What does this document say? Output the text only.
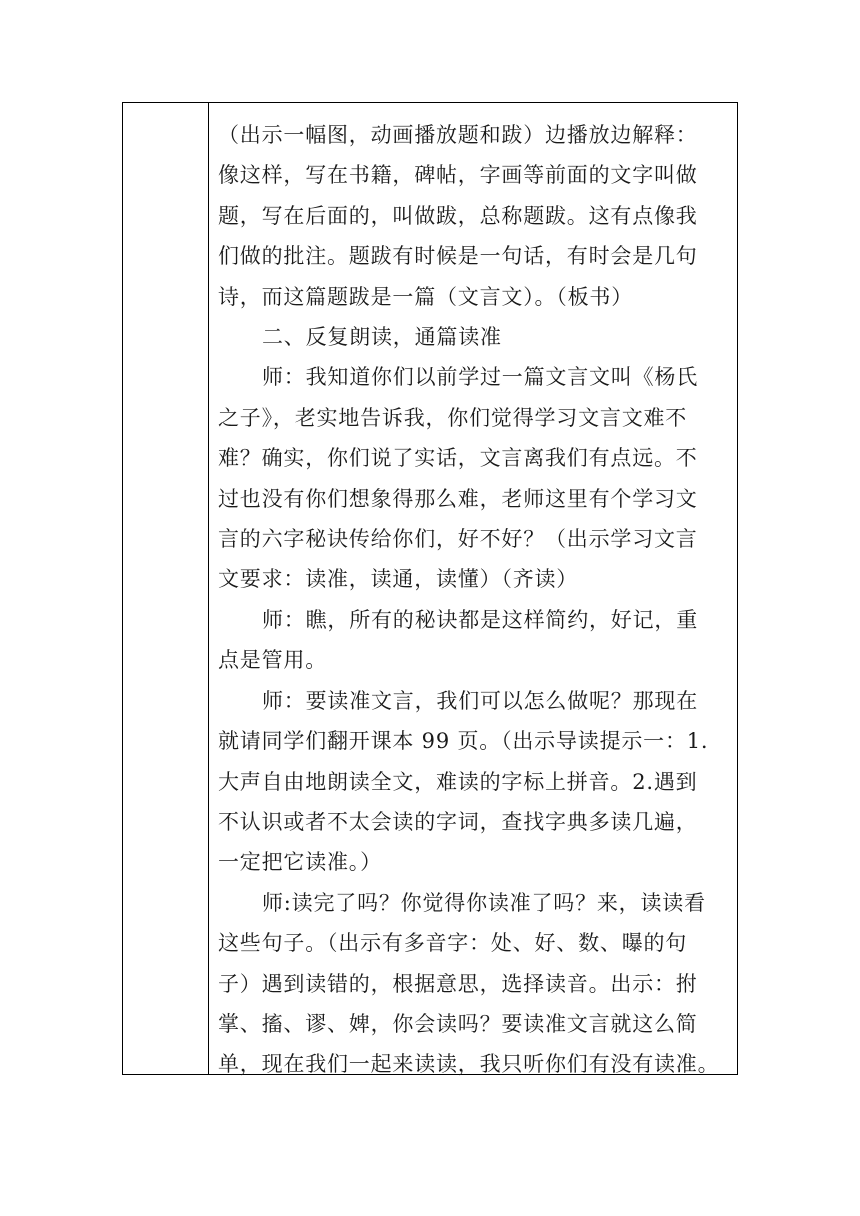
（出示一幅图，动画播放题和跋）边播放边解释：

像这样，写在书籍，碑帖，字画等前面的文字叫做

题，写在后面的，叫做跋，总称题跋。这有点像我

们做的批注。题跋有时候是一句话，有时会是几句

诗，而这篇题跋是一篇（文言文）。（板书）

二、反复朗读，通篇读准

师：我知道你们以前学过一篇文言文叫《杨氏

之子》，老实地告诉我，你们觉得学习文言文难不

难？确实，你们说了实话，文言离我们有点远。不

过也没有你们想象得那么难，老师这里有个学习文

言的六字秘诀传给你们，好不好？（出示学习文言

文要求：读准，读通，读懂）（齐读）

师：瞧，所有的秘诀都是这样简约，好记，重

点是管用。

师：要读准文言，我们可以怎么做呢？那现在

就请同学们翻开课本 99 页。（出示导读提示一：1.

大声自由地朗读全文，难读的字标上拼音。2.遇到

不认识或者不太会读的字词，查找字典多读几遍，

一定把它读准。）

师:读完了吗？你觉得你读准了吗？来，读读看

这些句子。（出示有多音字：处、好、数、曝的句

子）遇到读错的，根据意思，选择读音。出示：拊

掌、搐、谬、婢，你会读吗？要读准文言就这么简

单，现在我们一起来读读，我只听你们有没有读准。
